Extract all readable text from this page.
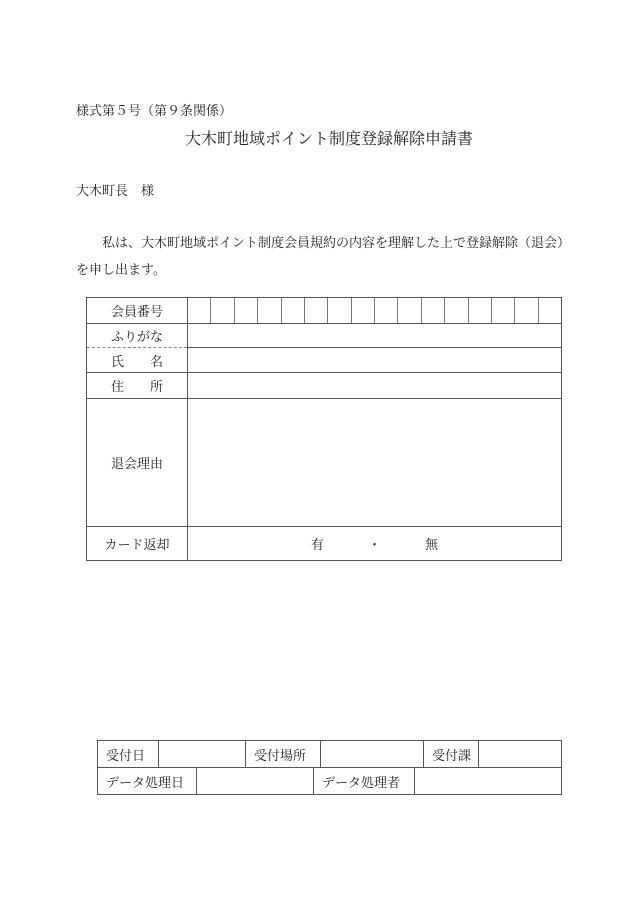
様式第５号（第９条関係）
大木町地域ポイント制度登録解除申請書
大木町長　様
私は、大木町地域ポイント制度会員規約の内容を理解した上で登録解除（退会）を申し出ます。
会員番号	

ふりがな	
氏　　名	
住　　所	
退会理由	
カード返却	有 ・ 無
受付日		受付場所		受付課	

データ処理日		データ処理者	
